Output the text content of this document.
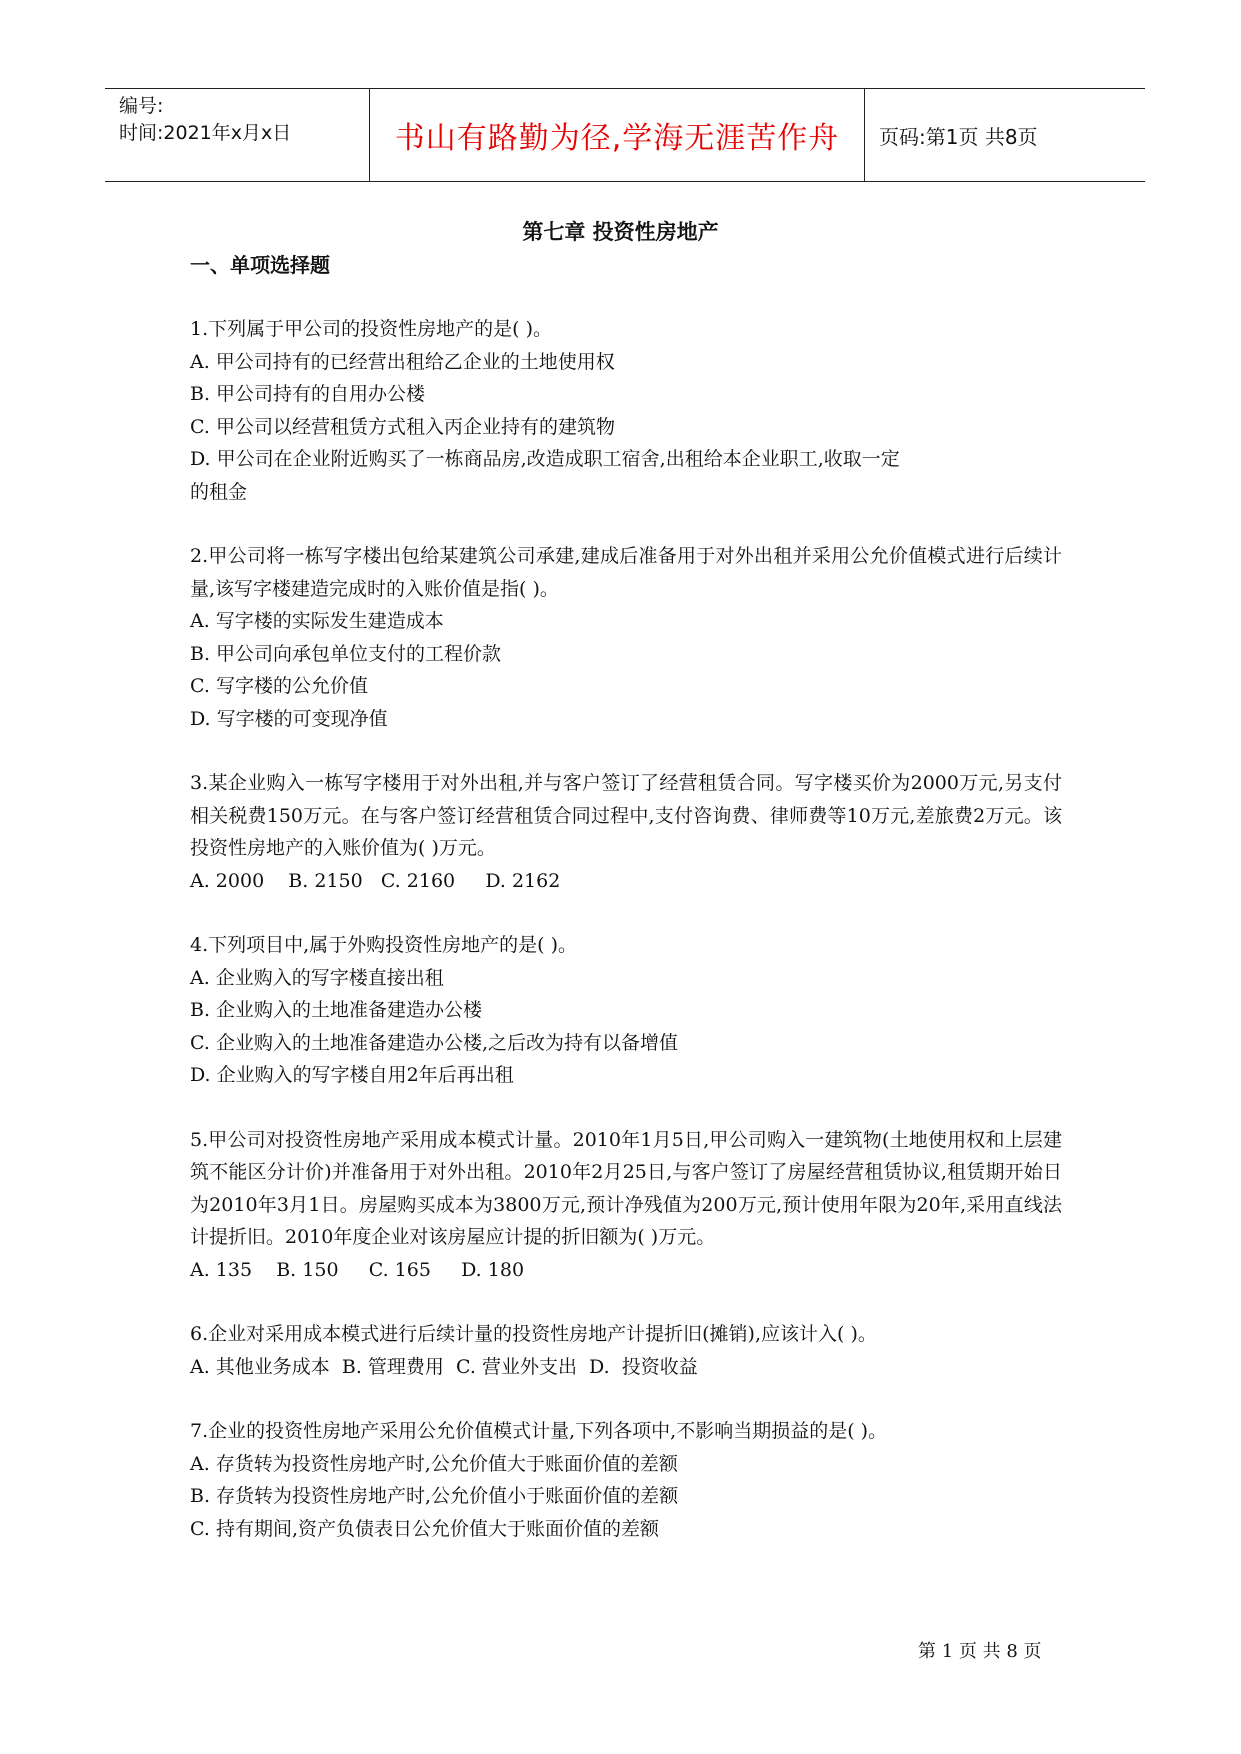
编号:
时间:2021年x月x日	书山有路勤为径,学海无涯苦作舟 页码:第1页 共8页
第七章 投资性房地产
一、单项选择题
1.下列属于甲公司的投资性房地产的是( )。
A. 甲公司持有的已经营出租给乙企业的土地使用权
B. 甲公司持有的自用办公楼
C. 甲公司以经营租赁方式租入丙企业持有的建筑物
D. 甲公司在企业附近购买了一栋商品房,改造成职工宿舍,出租给本企业职工,收取一定
的租金
2.甲公司将一栋写字楼出包给某建筑公司承建,建成后准备用于对外出租并采用公允价值模式进行后续计量,该写字楼建造完成时的入账价值是指( )。
A. 写字楼的实际发生建造成本
B. 甲公司向承包单位支付的工程价款
C. 写字楼的公允价值
D. 写字楼的可变现净值
3.某企业购入一栋写字楼用于对外出租,并与客户签订了经营租赁合同。写字楼买价为2000万元,另支付相关税费150万元。在与客户签订经营租赁合同过程中,支付咨询费、律师费等10万元,差旅费2万元。该投资性房地产的入账价值为( )万元。
A. 2000    B. 2150   C. 2160     D. 2162
4.下列项目中,属于外购投资性房地产的是( )。
A. 企业购入的写字楼直接出租
B. 企业购入的土地准备建造办公楼
C. 企业购入的土地准备建造办公楼,之后改为持有以备增值
D. 企业购入的写字楼自用2年后再出租
5.甲公司对投资性房地产采用成本模式计量。2010年1月5日,甲公司购入一建筑物(土地使用权和上层建筑不能区分计价)并准备用于对外出租。2010年2月25日,与客户签订了房屋经营租赁协议,租赁期开始日为2010年3月1日。房屋购买成本为3800万元,预计净残值为200万元,预计使用年限为20年,采用直线法计提折旧。2010年度企业对该房屋应计提的折旧额为( )万元。
A. 135    B. 150     C. 165     D. 180
6.企业对采用成本模式进行后续计量的投资性房地产计提折旧(摊销),应该计入( )。
A. 其他业务成本  B. 管理费用  C. 营业外支出  D.  投资收益
7.企业的投资性房地产采用公允价值模式计量,下列各项中,不影响当期损益的是( )。
A. 存货转为投资性房地产时,公允价值大于账面价值的差额
B. 存货转为投资性房地产时,公允价值小于账面价值的差额
C. 持有期间,资产负债表日公允价值大于账面价值的差额
第 1 页 共 8 页
